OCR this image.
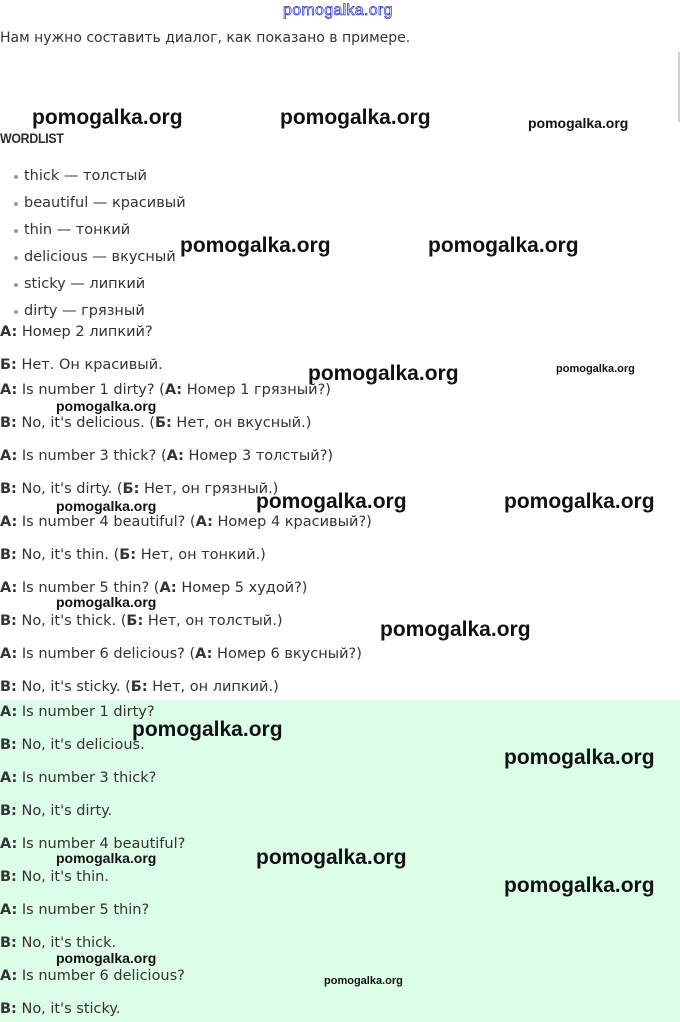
pomogalka.org
Нам нужно составить диалог, как показано в примере.
WORDLIST
thick — толстый
beautiful — красивый
thin — тонкий
delicious — вкусный
sticky — липкий
dirty — грязный
A: Номер 2 липкий?
Б: Нет. Он красивый.
A: Is number 1 dirty? (A: Номер 1 грязный?)
B: No, it's delicious. (Б: Нет, он вкусный.)
A: Is number 3 thick? (A: Номер 3 толстый?)
B: No, it's dirty. (Б: Нет, он грязный.)
A: Is number 4 beautiful? (A: Номер 4 красивый?)
B: No, it's thin. (Б: Нет, он тонкий.)
A: Is number 5 thin? (A: Номер 5 худой?)
B: No, it's thick. (Б: Нет, он толстый.)
A: Is number 6 delicious? (A: Номер 6 вкусный?)
B: No, it's sticky. (Б: Нет, он липкий.)
A: Is number 1 dirty?
B: No, it's delicious.
A: Is number 3 thick?
B: No, it's dirty.
A: Is number 4 beautiful?
B: No, it's thin.
A: Is number 5 thin?
B: No, it's thick.
A: Is number 6 delicious?
B: No, it's sticky.
pomogalka.org	pomogalka.org	pomogalka.org
pomogalka.org	pomogalka.org
pomogalka.org	pomogalka.org
pomogalka.org
pomogalka.org	pomogalka.org
pomogalka.org
pomogalka.org
pomogalka.org
pomogalka.org
pomogalka.org
pomogalka.org
pomogalka.org
pomogalka.org
pomogalka.org
pomogalka.org
